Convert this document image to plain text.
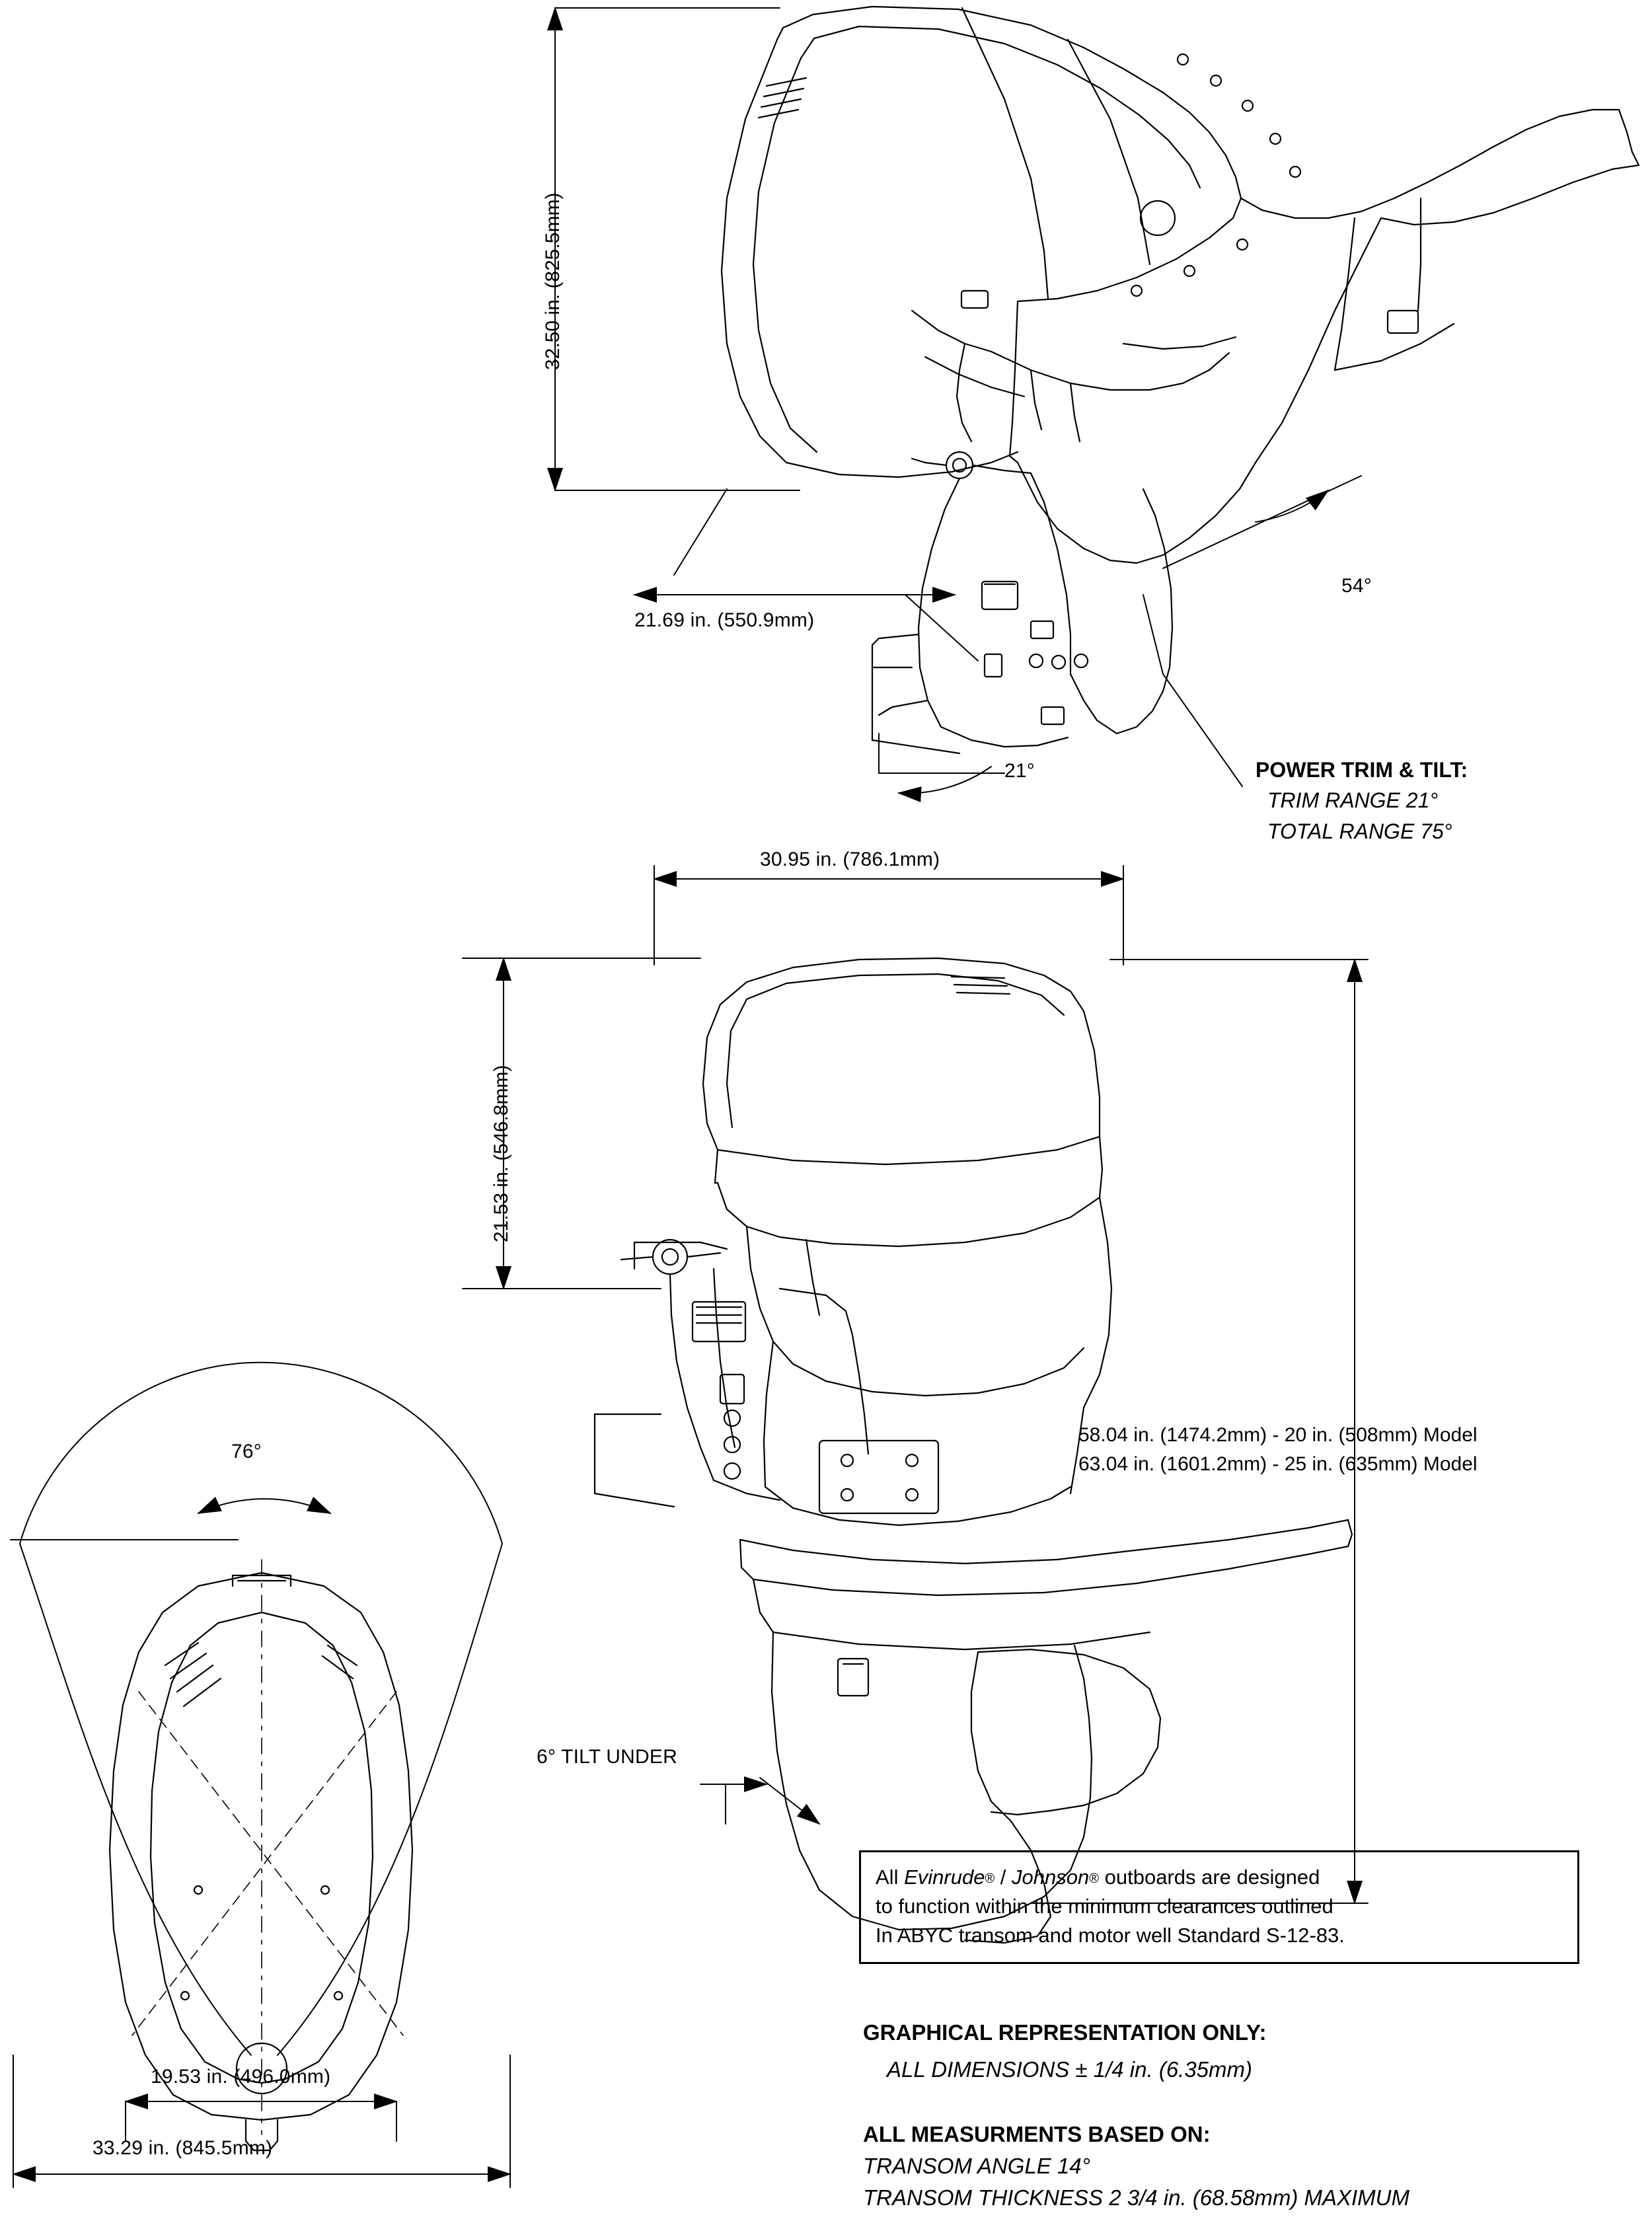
32.50 in. (825.5mm)
21.69 in. (550.9mm)
54°
21°	POWER TRIM & TILT:
TRIM RANGE 21°
TOTAL RANGE 75°
30.95 in. (786.1mm)
21.53 in. (546.8mm)
58.04 in. (1474.2mm) - 20 in. (508mm) Model
63.04 in. (1601.2mm) - 25 in. (635mm) Model
6° TILT UNDER
76°
19.53 in. (496.0mm)
33.29 in. (845.5mm)
All Evinrude® / Johnson® outboards are designed
to function within the minimum clearances outlined
In ABYC transom and motor well Standard S-12-83.
GRAPHICAL REPRESENTATION ONLY:
ALL DIMENSIONS ± 1/4 in. (6.35mm)
ALL MEASURMENTS BASED ON:
TRANSOM ANGLE 14°
TRANSOM THICKNESS 2 3/4 in. (68.58mm) MAXIMUM
